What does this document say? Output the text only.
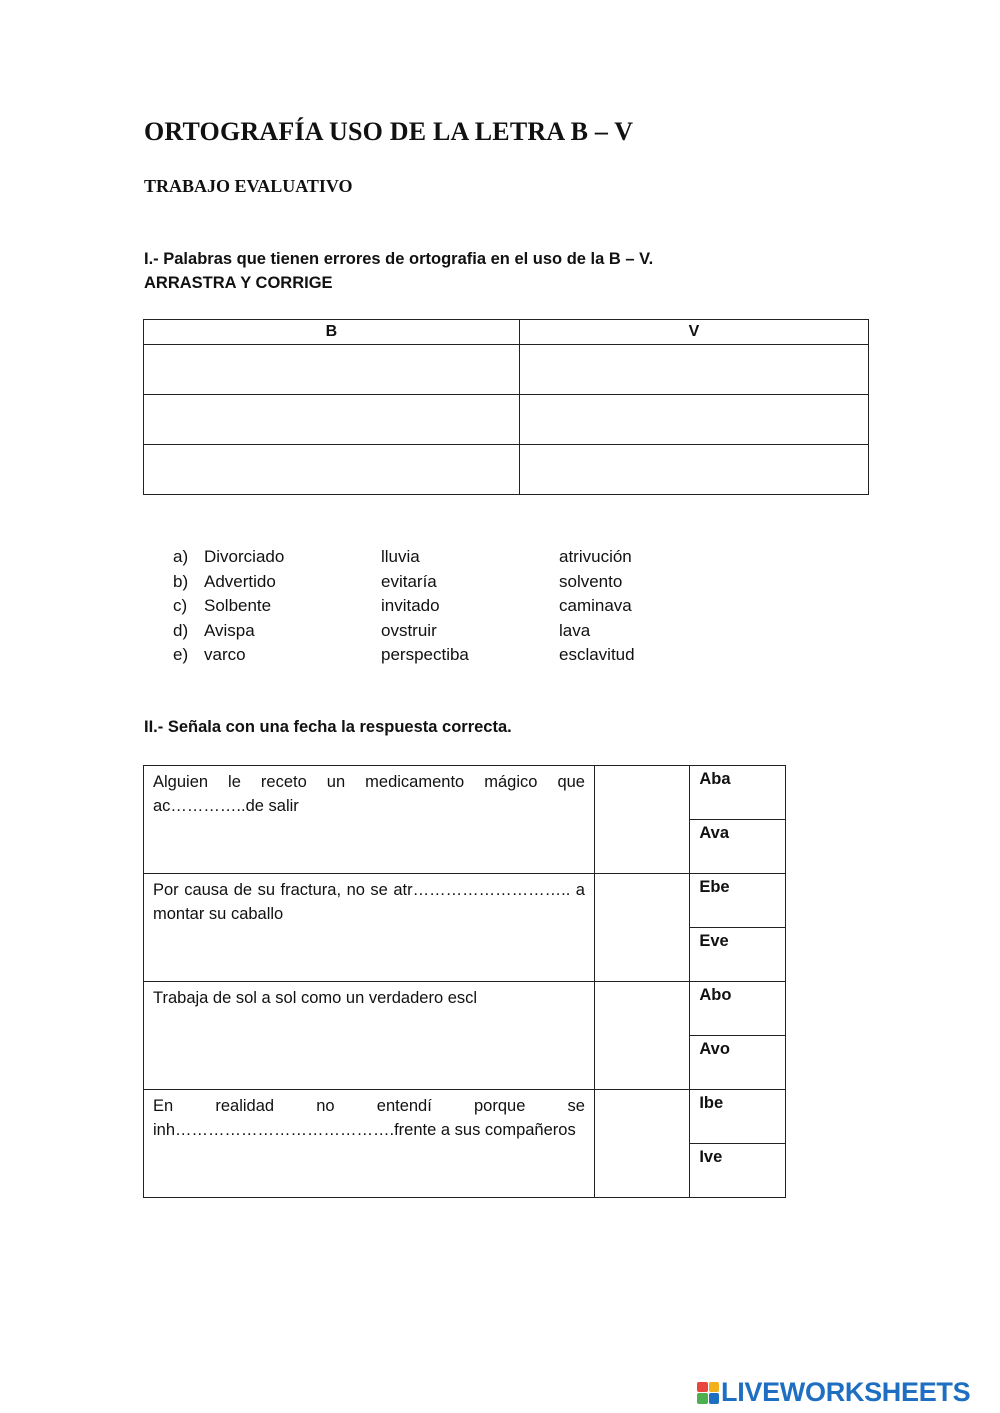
ORTOGRAFÍA USO DE LA LETRA B – V
TRABAJO EVALUATIVO
I.- Palabras que tienen errores de ortografia en el uso de la B – V.
ARRASTRA Y CORRIGE
B	V

a) Divorciado	lluvia	atrivución
b) Advertido	evitaría	solvento
c) Solbente	invitado	caminava
d) Avispa	ovstruir	lava
e) varco	perspectiba	esclavitud
II.- Señala con una fecha la respuesta correcta.
Alguien le receto un medicamento mágico que ac…………..de salir		Aba
		Ava
Por causa de su fractura, no se atr……………………….. a montar su caballo		Ebe
		Eve
Trabaja de sol a sol como un verdadero escl		Abo
		Avo
En realidad no entendí porque se inh………………………………….frente a sus compañeros		Ibe
		Ive
LIVEWORKSHEETS
